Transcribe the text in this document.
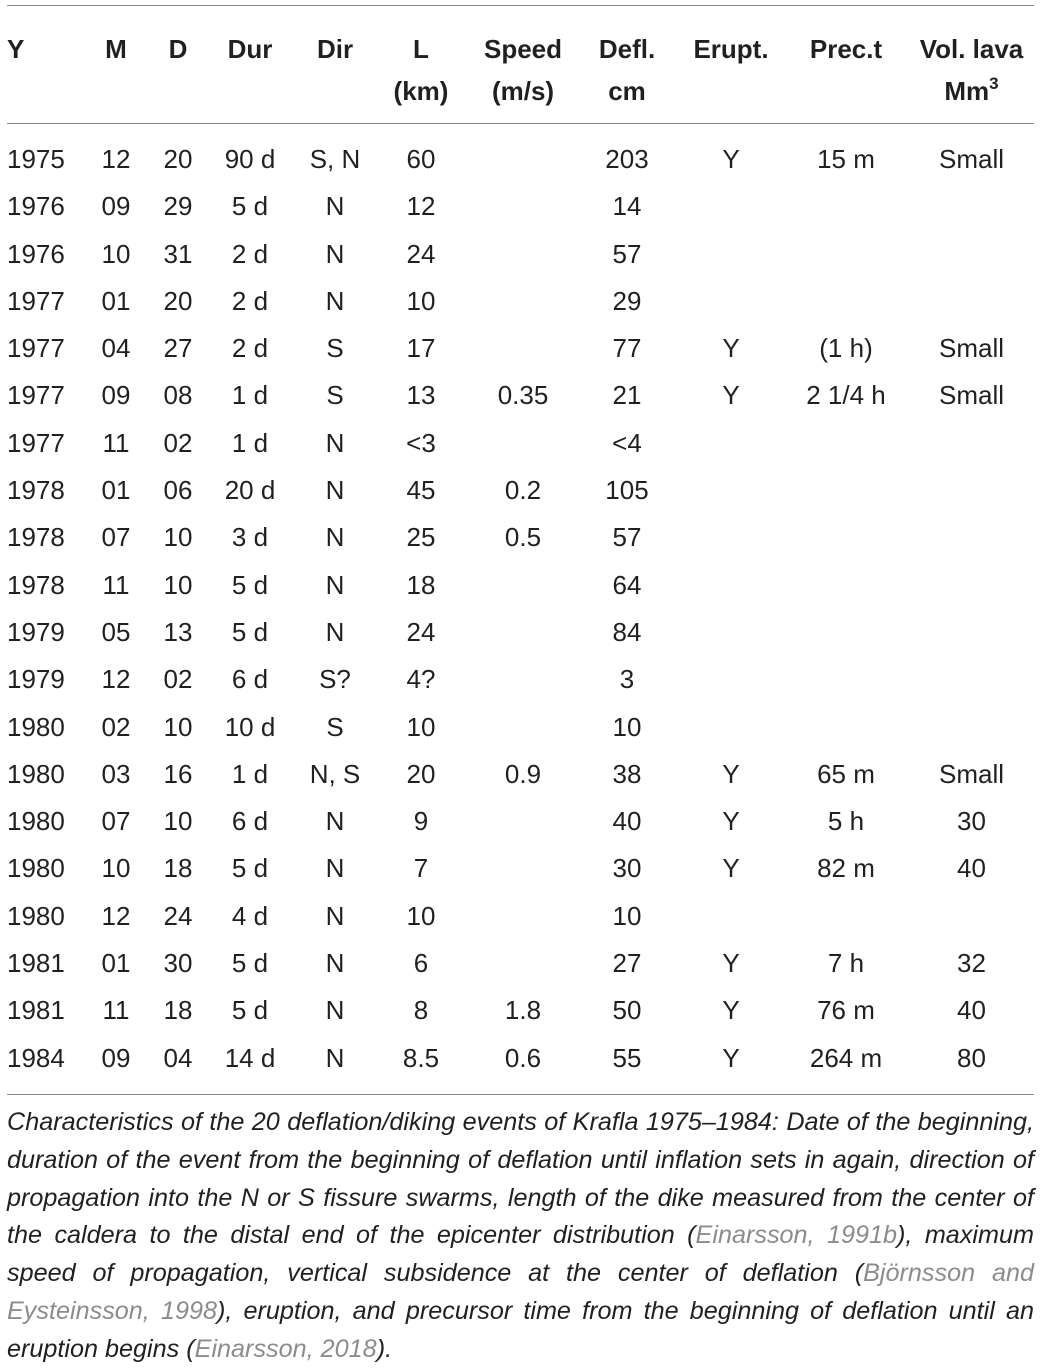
Y	M	D	Dur	Dir	L	Speed	Defl.	Erupt.	Prec.t	Vol. lava
					(km)	(m/s)	cm			Mm$^3$

1975	12	20	90 d	S, N	60		203	Y	15 m	Small
1976	09	29	5 d	N	12		14			
1976	10	31	2 d	N	24		57			
1977	01	20	2 d	N	10		29			
1977	04	27	2 d	S	17		77	Y	(1 h)	Small
1977	09	08	1 d	S	13	0.35	21	Y	2 1/4 h	Small
1977	11	02	1 d	N	<3		<4			
1978	01	06	20 d	N	45	0.2	105			
1978	07	10	3 d	N	25	0.5	57			
1978	11	10	5 d	N	18		64			
1979	05	13	5 d	N	24		84			
1979	12	02	6 d	S?	4?		3			
1980	02	10	10 d	S	10		10			
1980	03	16	1 d	N, S	20	0.9	38	Y	65 m	Small
1980	07	10	6 d	N	9		40	Y	5 h	30
1980	10	18	5 d	N	7		30	Y	82 m	40
1980	12	24	4 d	N	10		10			
1981	01	30	5 d	N	6		27	Y	7 h	32
1981	11	18	5 d	N	8	1.8	50	Y	76 m	40
1984	09	04	14 d	N	8.5	0.6	55	Y	264 m	80

Characteristics of the 20 deflation/diking events of Krafla 1975–1984: Date of the beginning, duration of the event from the beginning of deflation until inflation sets in again, direction of propagation into the N or S fissure swarms, length of the dike measured from the center of the caldera to the distal end of the epicenter distribution (Einarsson, 1991b), maximum speed of propagation, vertical subsidence at the center of deflation (Björnsson and Eysteinsson, 1998), eruption, and precursor time from the beginning of deflation until an eruption begins (Einarsson, 2018).
